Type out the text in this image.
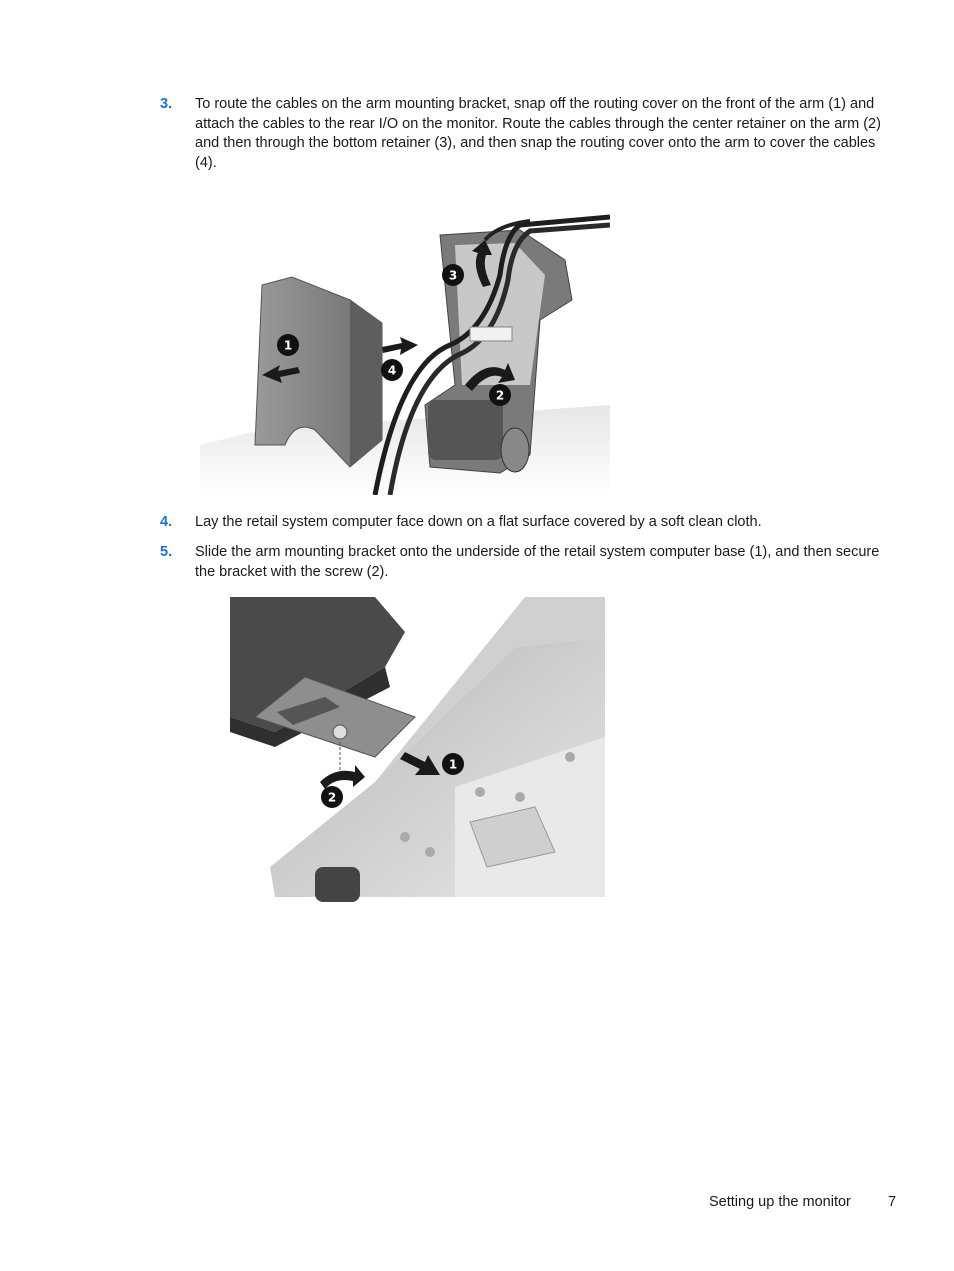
3. To route the cables on the arm mounting bracket, snap off the routing cover on the front of the arm (1) and attach the cables to the rear I/O on the monitor. Route the cables through the center retainer on the arm (2) and then through the bottom retainer (3), and then snap the routing cover onto the arm to cover the cables (4).
1
2
3
4
4. Lay the retail system computer face down on a flat surface covered by a soft clean cloth.
5. Slide the arm mounting bracket onto the underside of the retail system computer base (1), and then secure the bracket with the screw (2).
1
2
Setting up the monitor	7
